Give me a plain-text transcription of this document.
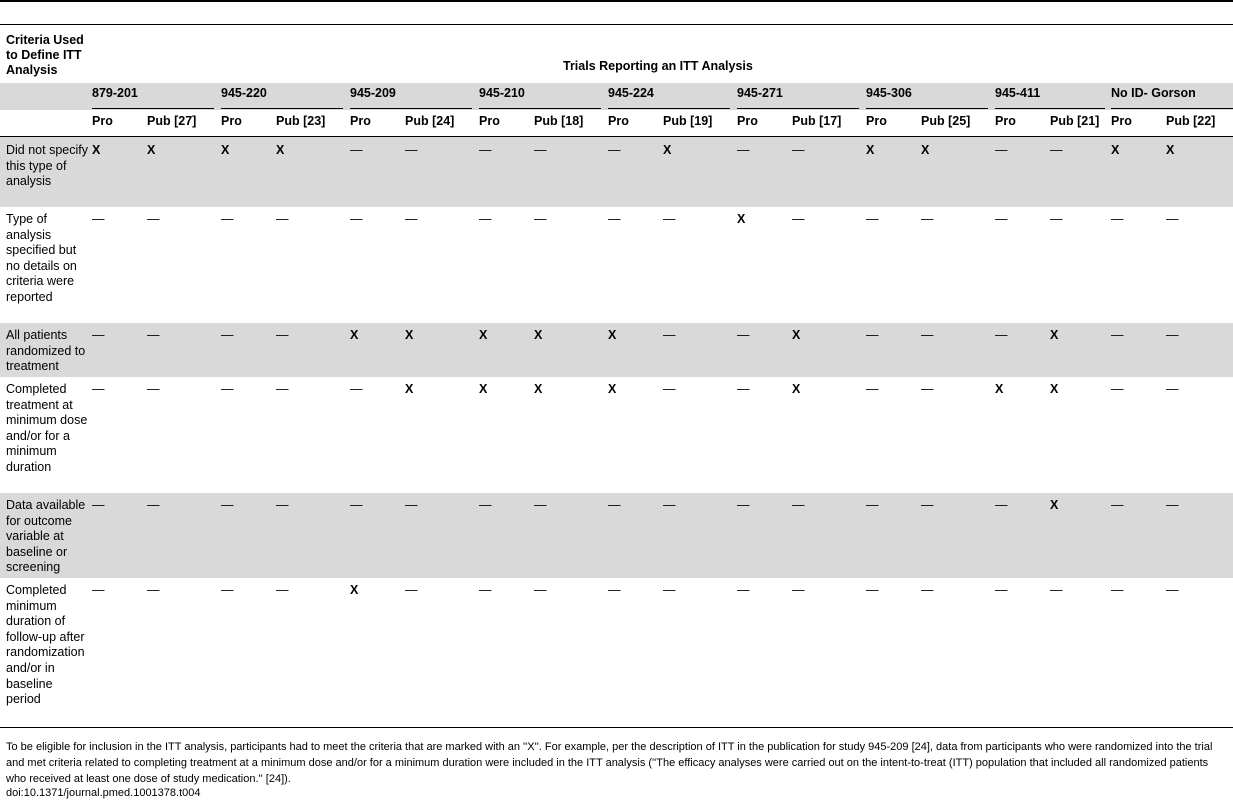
Criteria Used to Define ITT Analysis	Trials Reporting an ITT Analysis
879-201
Pro	Pub [27]
945-220
Pro	Pub [23]
945-209
Pro	Pub [24]
945-210
Pro	Pub [18]
945-224
Pro	Pub [19]
945-271
Pro	Pub [17]
945-306
Pro	Pub [25]
945-411
Pro	Pub [21]
No ID- Gorson
Pro	Pub [22]
Did not specify this type of analysis
X	X	X	X	—	—	—	—	—	X	—	—	X	X	—	—	X	X
Type of analysis specified but no details on criteria were reported
—	—	—	—	—	—	—	—	—	—	X	—	—	—	—	—	—	—
All patients randomized to treatment
—	—	—	—	X	X	X	X	X	—	—	X	—	—	—	X	—	—
Completed treatment at minimum dose and/or for a minimum duration
—	—	—	—	—	X	X	X	X	—	—	X	—	—	X	X	—	—
Data available for outcome variable at baseline or screening
—	—	—	—	—	—	—	—	—	—	—	—	—	—	—	X	—	—
Completed minimum duration of follow-up after randomization and/or in baseline period
—	—	—	—	X	—	—	—	—	—	—	—	—	—	—	—	—	—
To be eligible for inclusion in the ITT analysis, participants had to meet the criteria that are marked with an ''X''. For example, per the description of ITT in the publication for study 945-209 [24], data from participants who were randomized into the trial and met criteria related to completing treatment at a minimum dose and/or for a minimum duration were included in the ITT analysis (''The efficacy analyses were carried out on the intent-to-treat (ITT) population that included all randomized patients who received at least one dose of study medication.'' [24]).
doi:10.1371/journal.pmed.1001378.t004
